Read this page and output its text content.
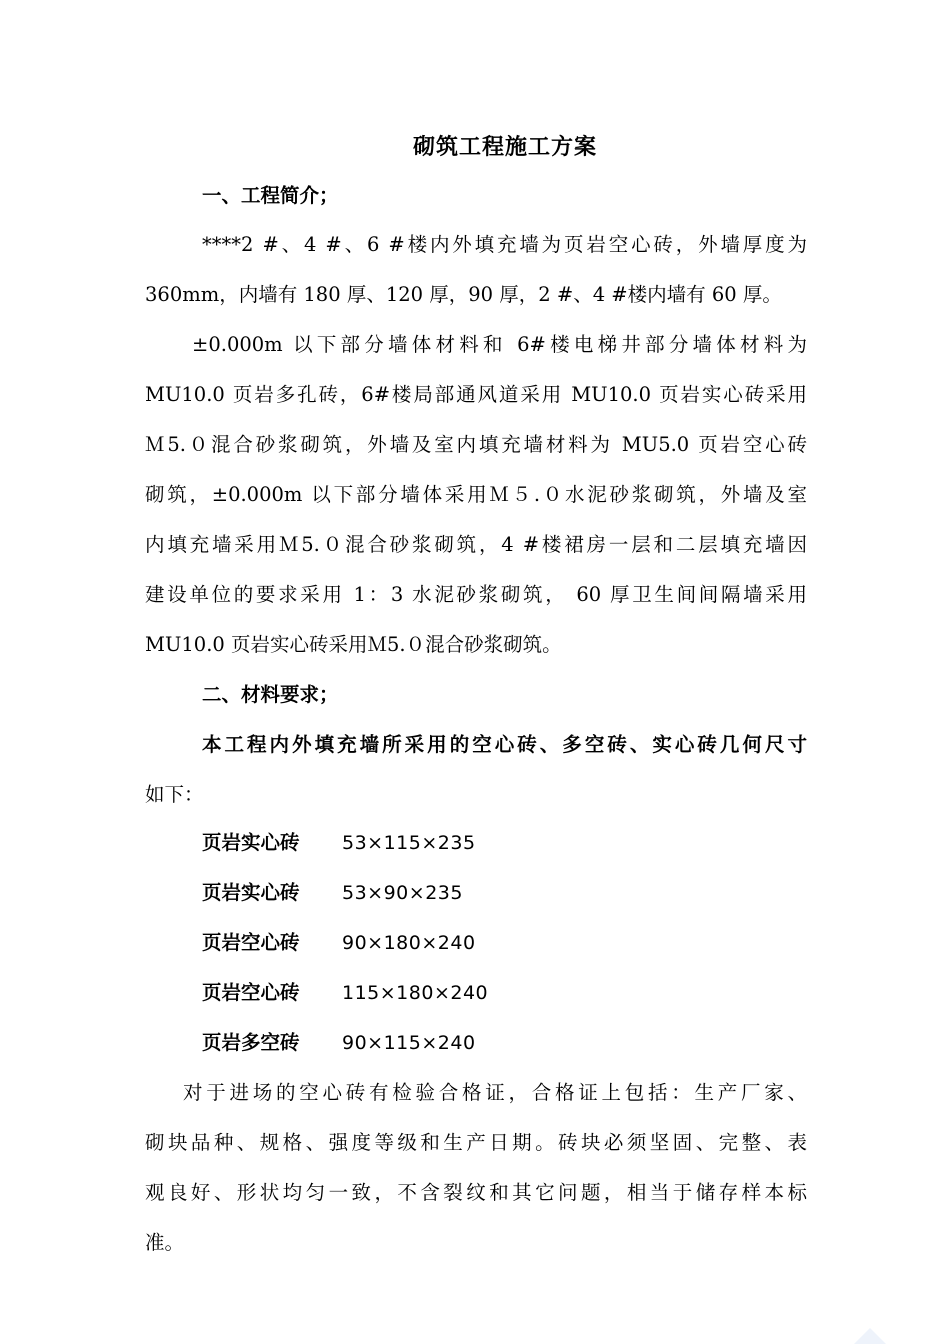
砌筑工程施工方案
一、工程简介；
****2 #、4 #、6 #楼内外填充墙为页岩空心砖，外墙厚度为
360mm，内墙有 180 厚、120 厚，90 厚，2 #、4 #楼内墙有 60 厚。
±0.000m 以下部分墙体材料和 6#楼电梯井部分墙体材料为
MU10.0 页岩多孔砖，6#楼局部通风道采用 MU10.0 页岩实心砖采用
Ｍ5.０混合砂浆砌筑，外墙及室内填充墙材料为 MU5.0 页岩空心砖
砌筑，±0.000m 以下部分墙体采用Ｍ５.０水泥砂浆砌筑，外墙及室
内填充墙采用Ｍ5.０混合砂浆砌筑，4 #楼裙房一层和二层填充墙因
建设单位的要求采用 1：3 水泥砂浆砌筑， 60 厚卫生间间隔墙采用
MU10.0 页岩实心砖采用Ｍ5.０混合砂浆砌筑。
二、材料要求；
本工程内外填充墙所采用的空心砖、多空砖、实心砖几何尺寸
如下：
页岩实心砖 53×115×235
页岩实心砖 53×90×235
页岩空心砖 90×180×240
页岩空心砖 115×180×240
页岩多空砖 90×115×240
对于进场的空心砖有检验合格证，合格证上包括：生产厂家、
砌块品种、规格、强度等级和生产日期。砖块必须坚固、完整、表
观良好、形状均匀一致，不含裂纹和其它问题，相当于储存样本标
准。
